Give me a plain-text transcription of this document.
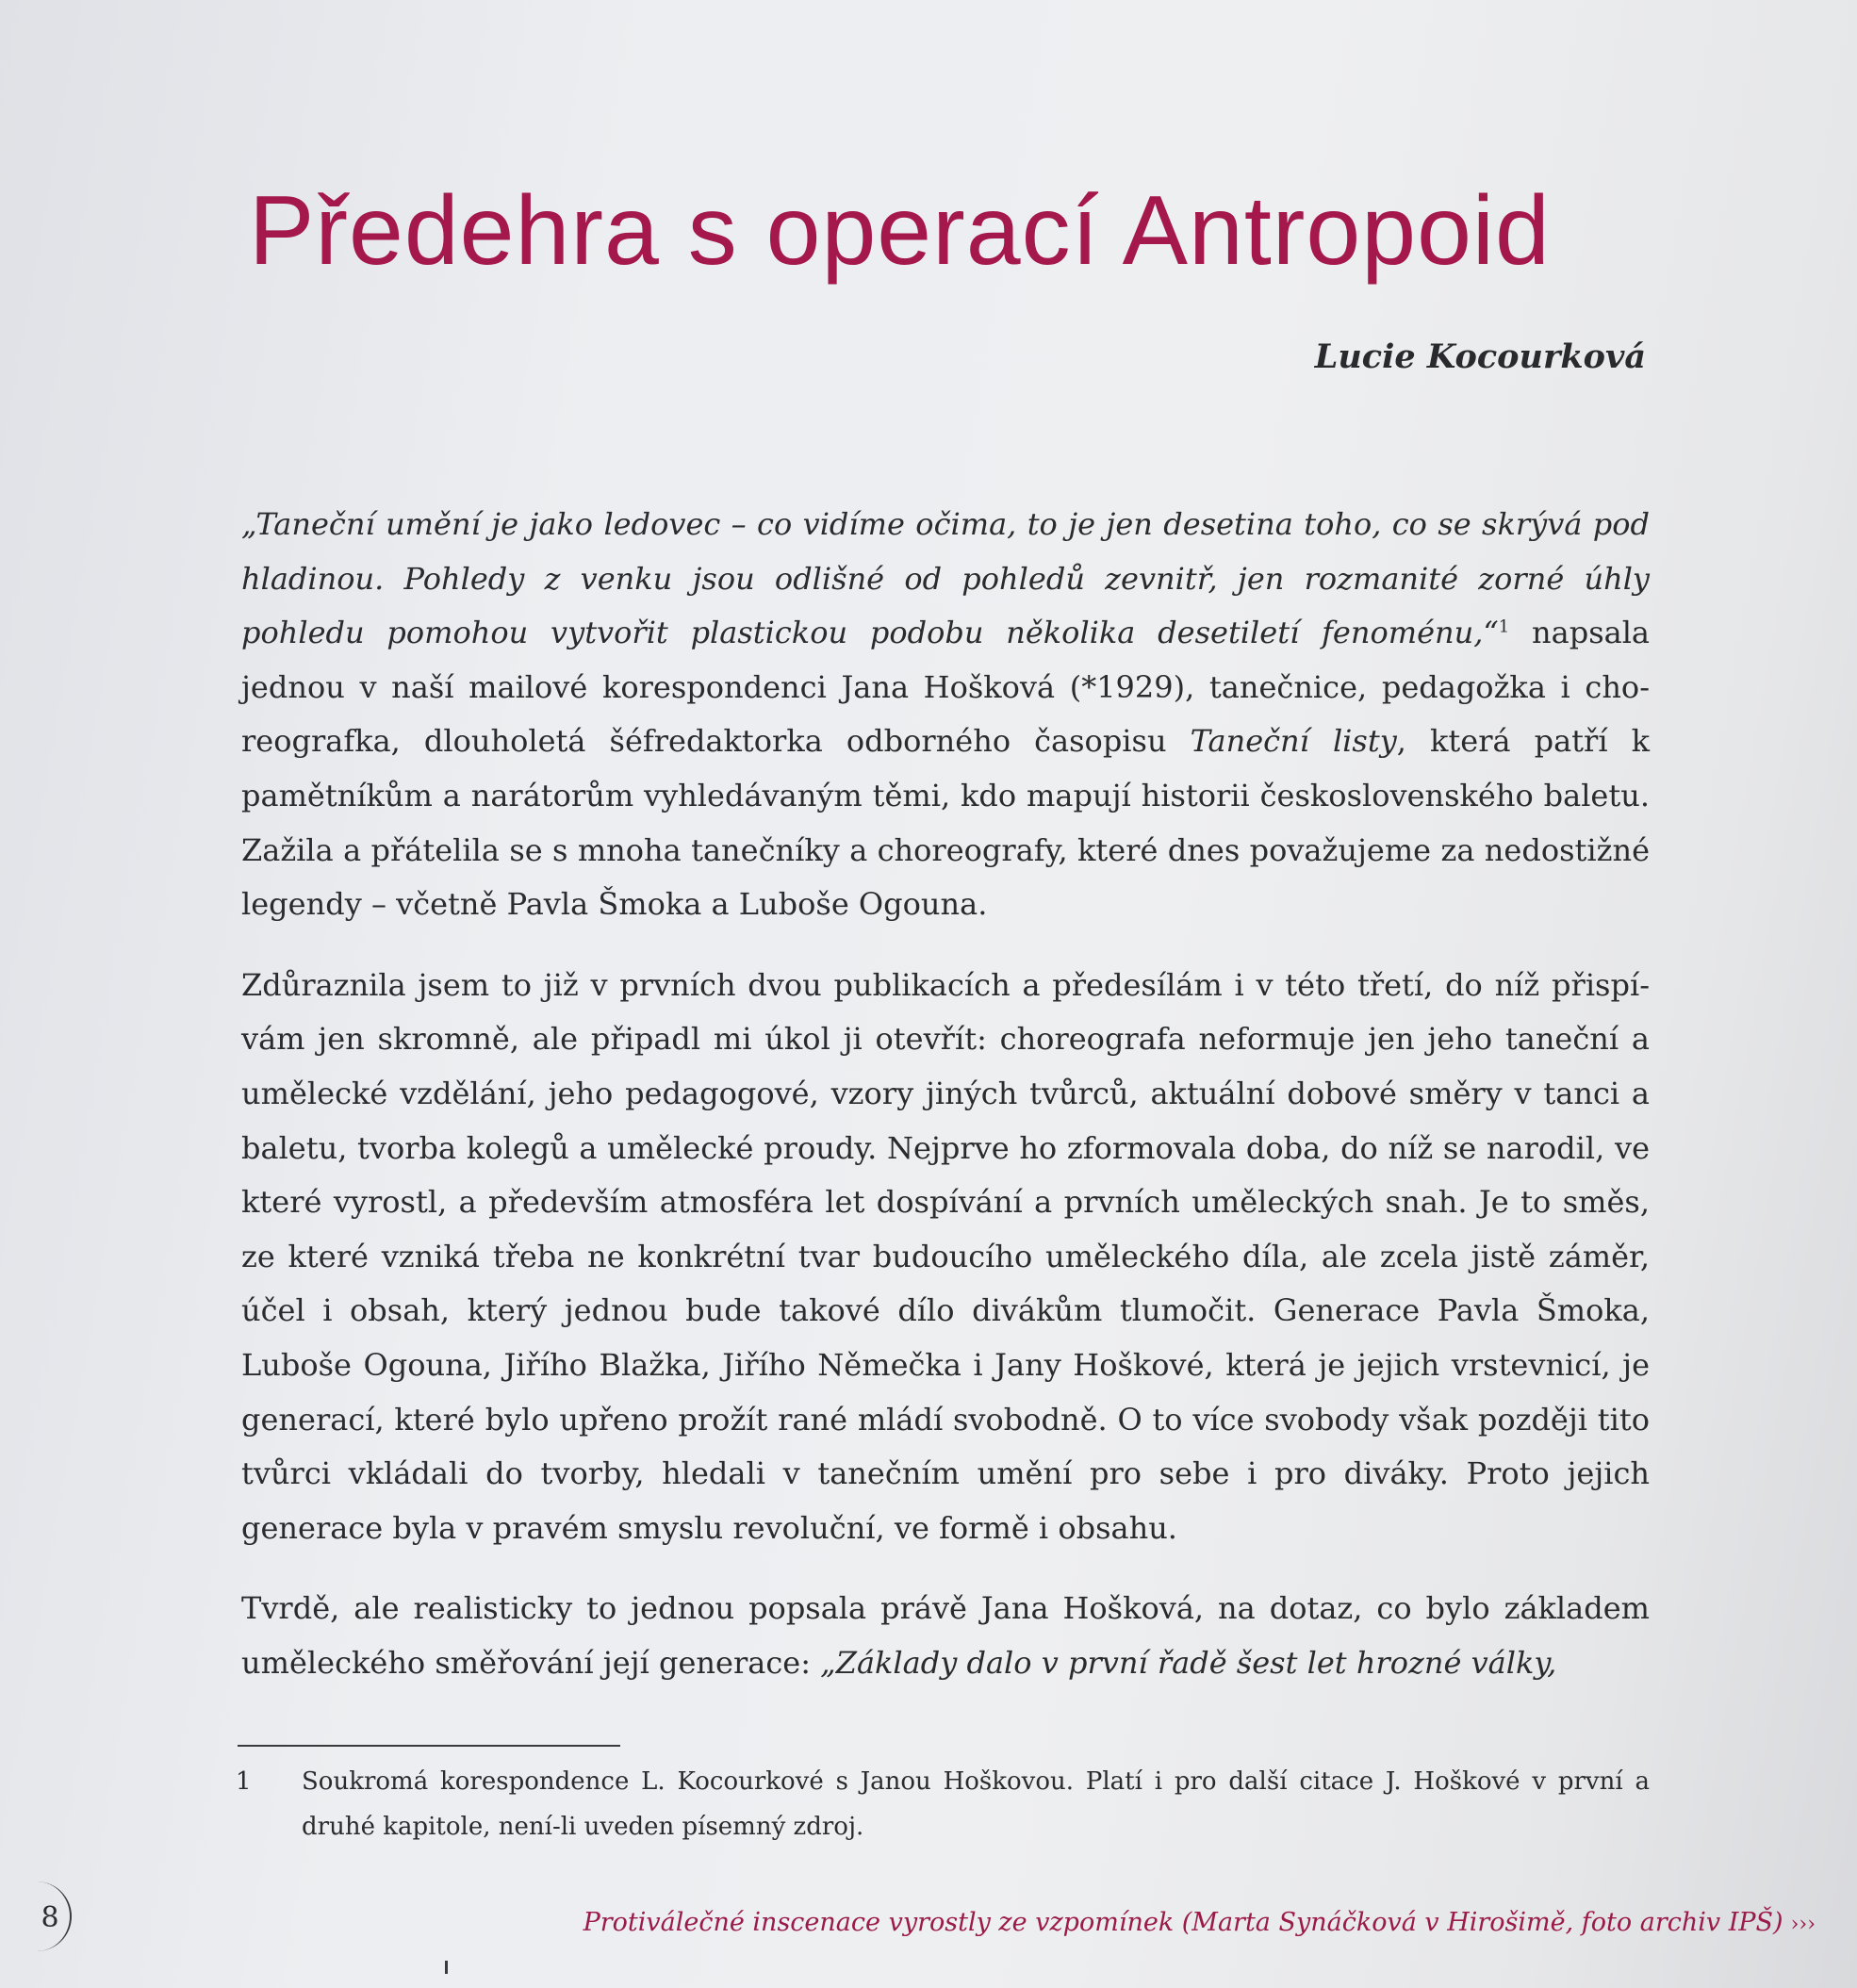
Předehra s operací Antropoid
Lucie Kocourková

„Taneční umění je jako ledovec – co vidíme očima, to je jen desetina toho, co se skrývá pod hladinou. Pohledy z venku jsou odlišné od pohledů zevnitř, jen rozmanité zorné úhly pohledu pomohou vytvořit plastickou podobu několika desetiletí fenoménu,“$^1$ napsala jednou v naší mailové korespondenci Jana Hošková (*1929), tanečnice, pedagožka i choreografka, dlouholetá šéfredaktorka odborného časopisu Taneční listy, která patří k pamětníkům a narátorům vyhledávaným těmi, kdo mapují historii československého baletu. Zažila a přátelila se s mnoha tanečníky a choreografy, které dnes považujeme za nedostižné legendy – včetně Pavla Šmoka a Luboše Ogouna.

Zdůraznila jsem to již v prvních dvou publikacích a předesílám i v této třetí, do níž přispívám jen skromně, ale připadl mi úkol ji otevřít: choreografa neformuje jen jeho taneční a umělecké vzdělání, jeho pedagogové, vzory jiných tvůrců, aktuální dobové směry v tanci a baletu, tvorba kolegů a umělecké proudy. Nejprve ho zformovala doba, do níž se narodil, ve které vyrostl, a především atmosféra let dospívání a prvních uměleckých snah. Je to směs, ze které vzniká třeba ne konkrétní tvar budoucího uměleckého díla, ale zcela jistě záměr, účel i obsah, který jednou bude takové dílo divákům tlumočit. Generace Pavla Šmoka, Luboše Ogouna, Jiřího Blažka, Jiřího Němečka i Jany Hoškové, která je jejich vrstevnicí, je generací, které bylo upřeno prožít rané mládí svobodně. O to více svobody však později tito tvůrci vkládali do tvorby, hledali v tanečním umění pro sebe i pro diváky. Proto jejich generace byla v pravém smyslu revoluční, ve formě i obsahu.

Tvrdě, ale realisticky to jednou popsala právě Jana Hošková, na dotaz, co bylo základem uměleckého směřování její generace: „Základy dalo v první řadě šest let hrozné války,

1 Soukromá korespondence L. Kocourkové s Janou Hoškovou. Platí i pro další citace J. Hoškové v první a druhé kapitole, není-li uveden písemný zdroj.
8	Protiválečné inscenace vyrostly ze vzpomínek (Marta Synáčková v Hirošimě, foto archiv IPŠ) ›››
